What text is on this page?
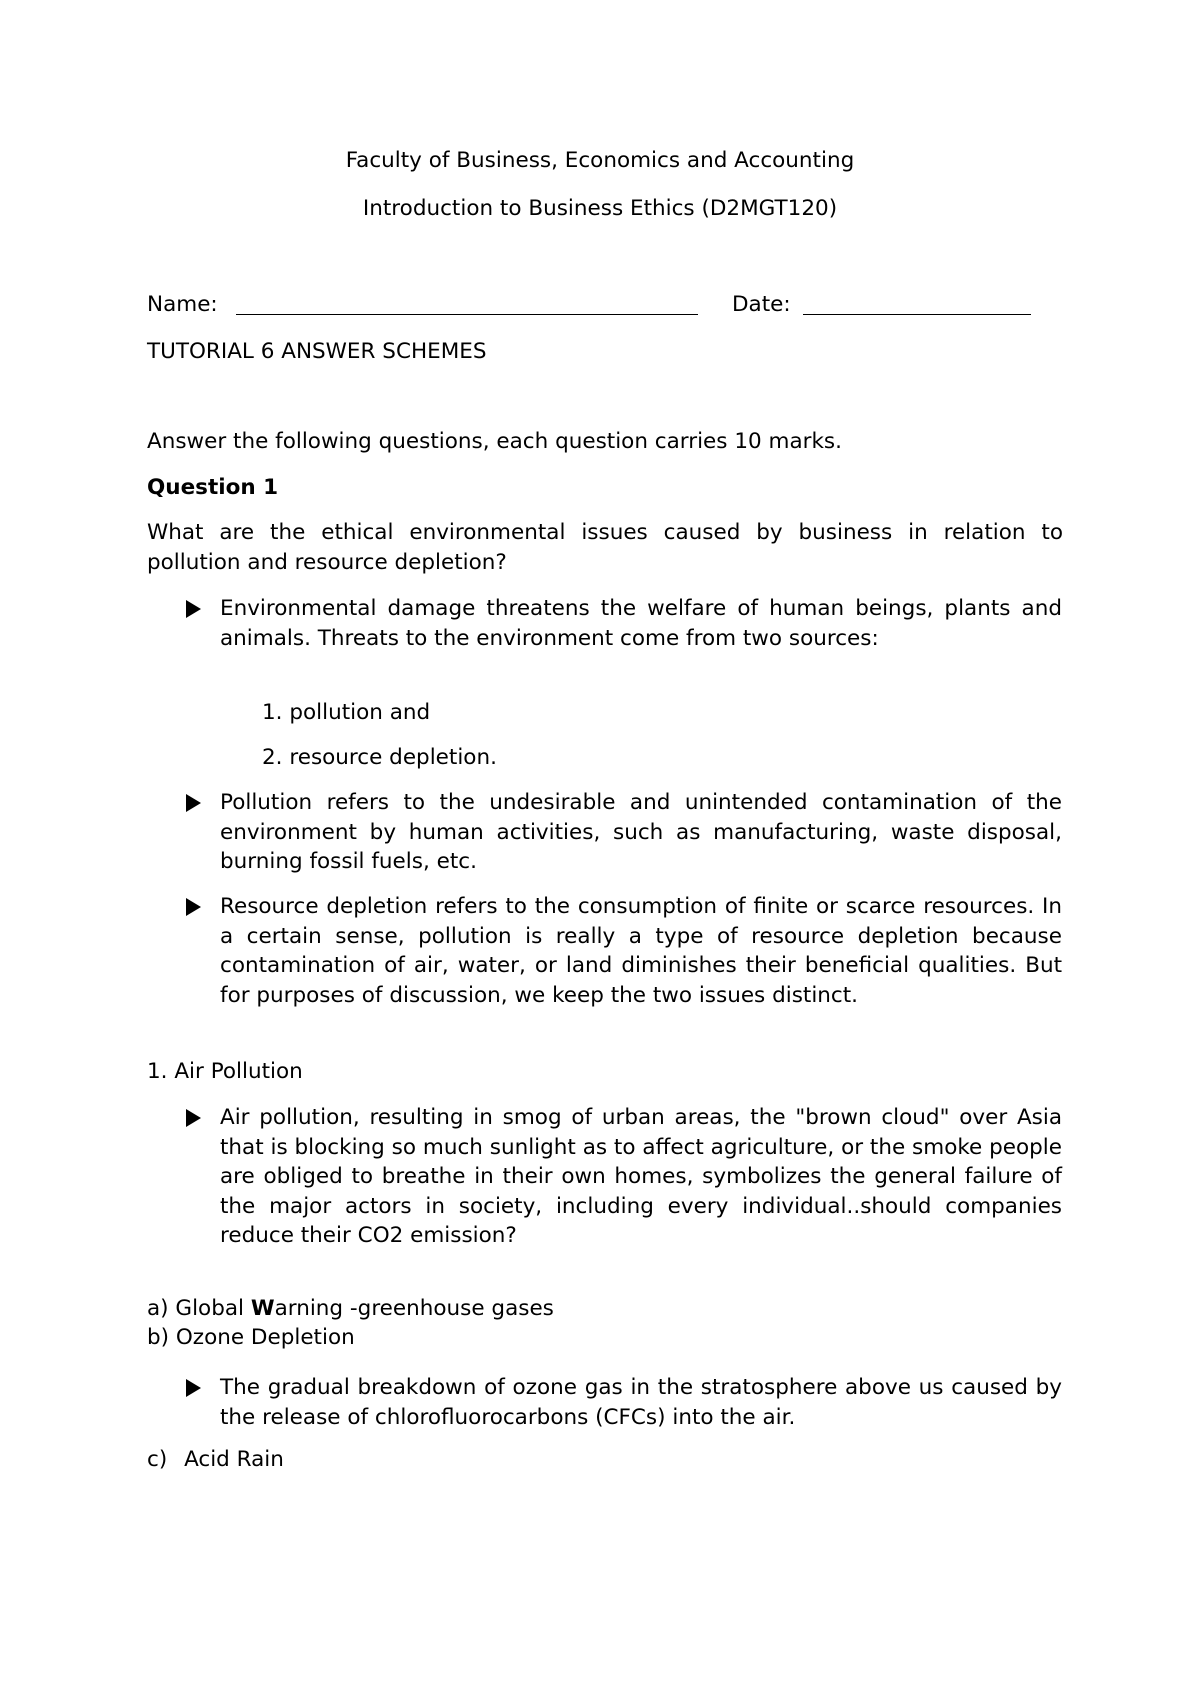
Faculty of Business, Economics and Accounting
Introduction to Business Ethics (D2MGT120)
Name:	Date:
TUTORIAL 6 ANSWER SCHEMES
Answer the following questions, each question carries 10 marks.
Question 1
What are the ethical environmental issues caused by business in relation to pollution and resource depletion?
Environmental damage threatens the welfare of human beings, plants and animals. Threats to the environment come from two sources:
1. pollution and
2. resource depletion.
Pollution refers to the undesirable and unintended contamination of the environment by human activities, such as manufacturing, waste disposal, burning fossil fuels, etc.
Resource depletion refers to the consumption of finite or scarce resources. In a certain sense, pollution is really a type of resource depletion because contamination of air, water, or land diminishes their beneficial qualities. But for purposes of discussion, we keep the two issues distinct.
1. Air Pollution
Air pollution, resulting in smog of urban areas, the "brown cloud" over Asia that is blocking so much sunlight as to affect agriculture, or the smoke people are obliged to breathe in their own homes, symbolizes the general failure of the major actors in society, including every individual..should companies reduce their CO2 emission?
a) Global Warning -greenhouse gases
b) Ozone Depletion
The gradual breakdown of ozone gas in the stratosphere above us caused by the release of chlorofluorocarbons (CFCs) into the air.
c) Acid Rain
